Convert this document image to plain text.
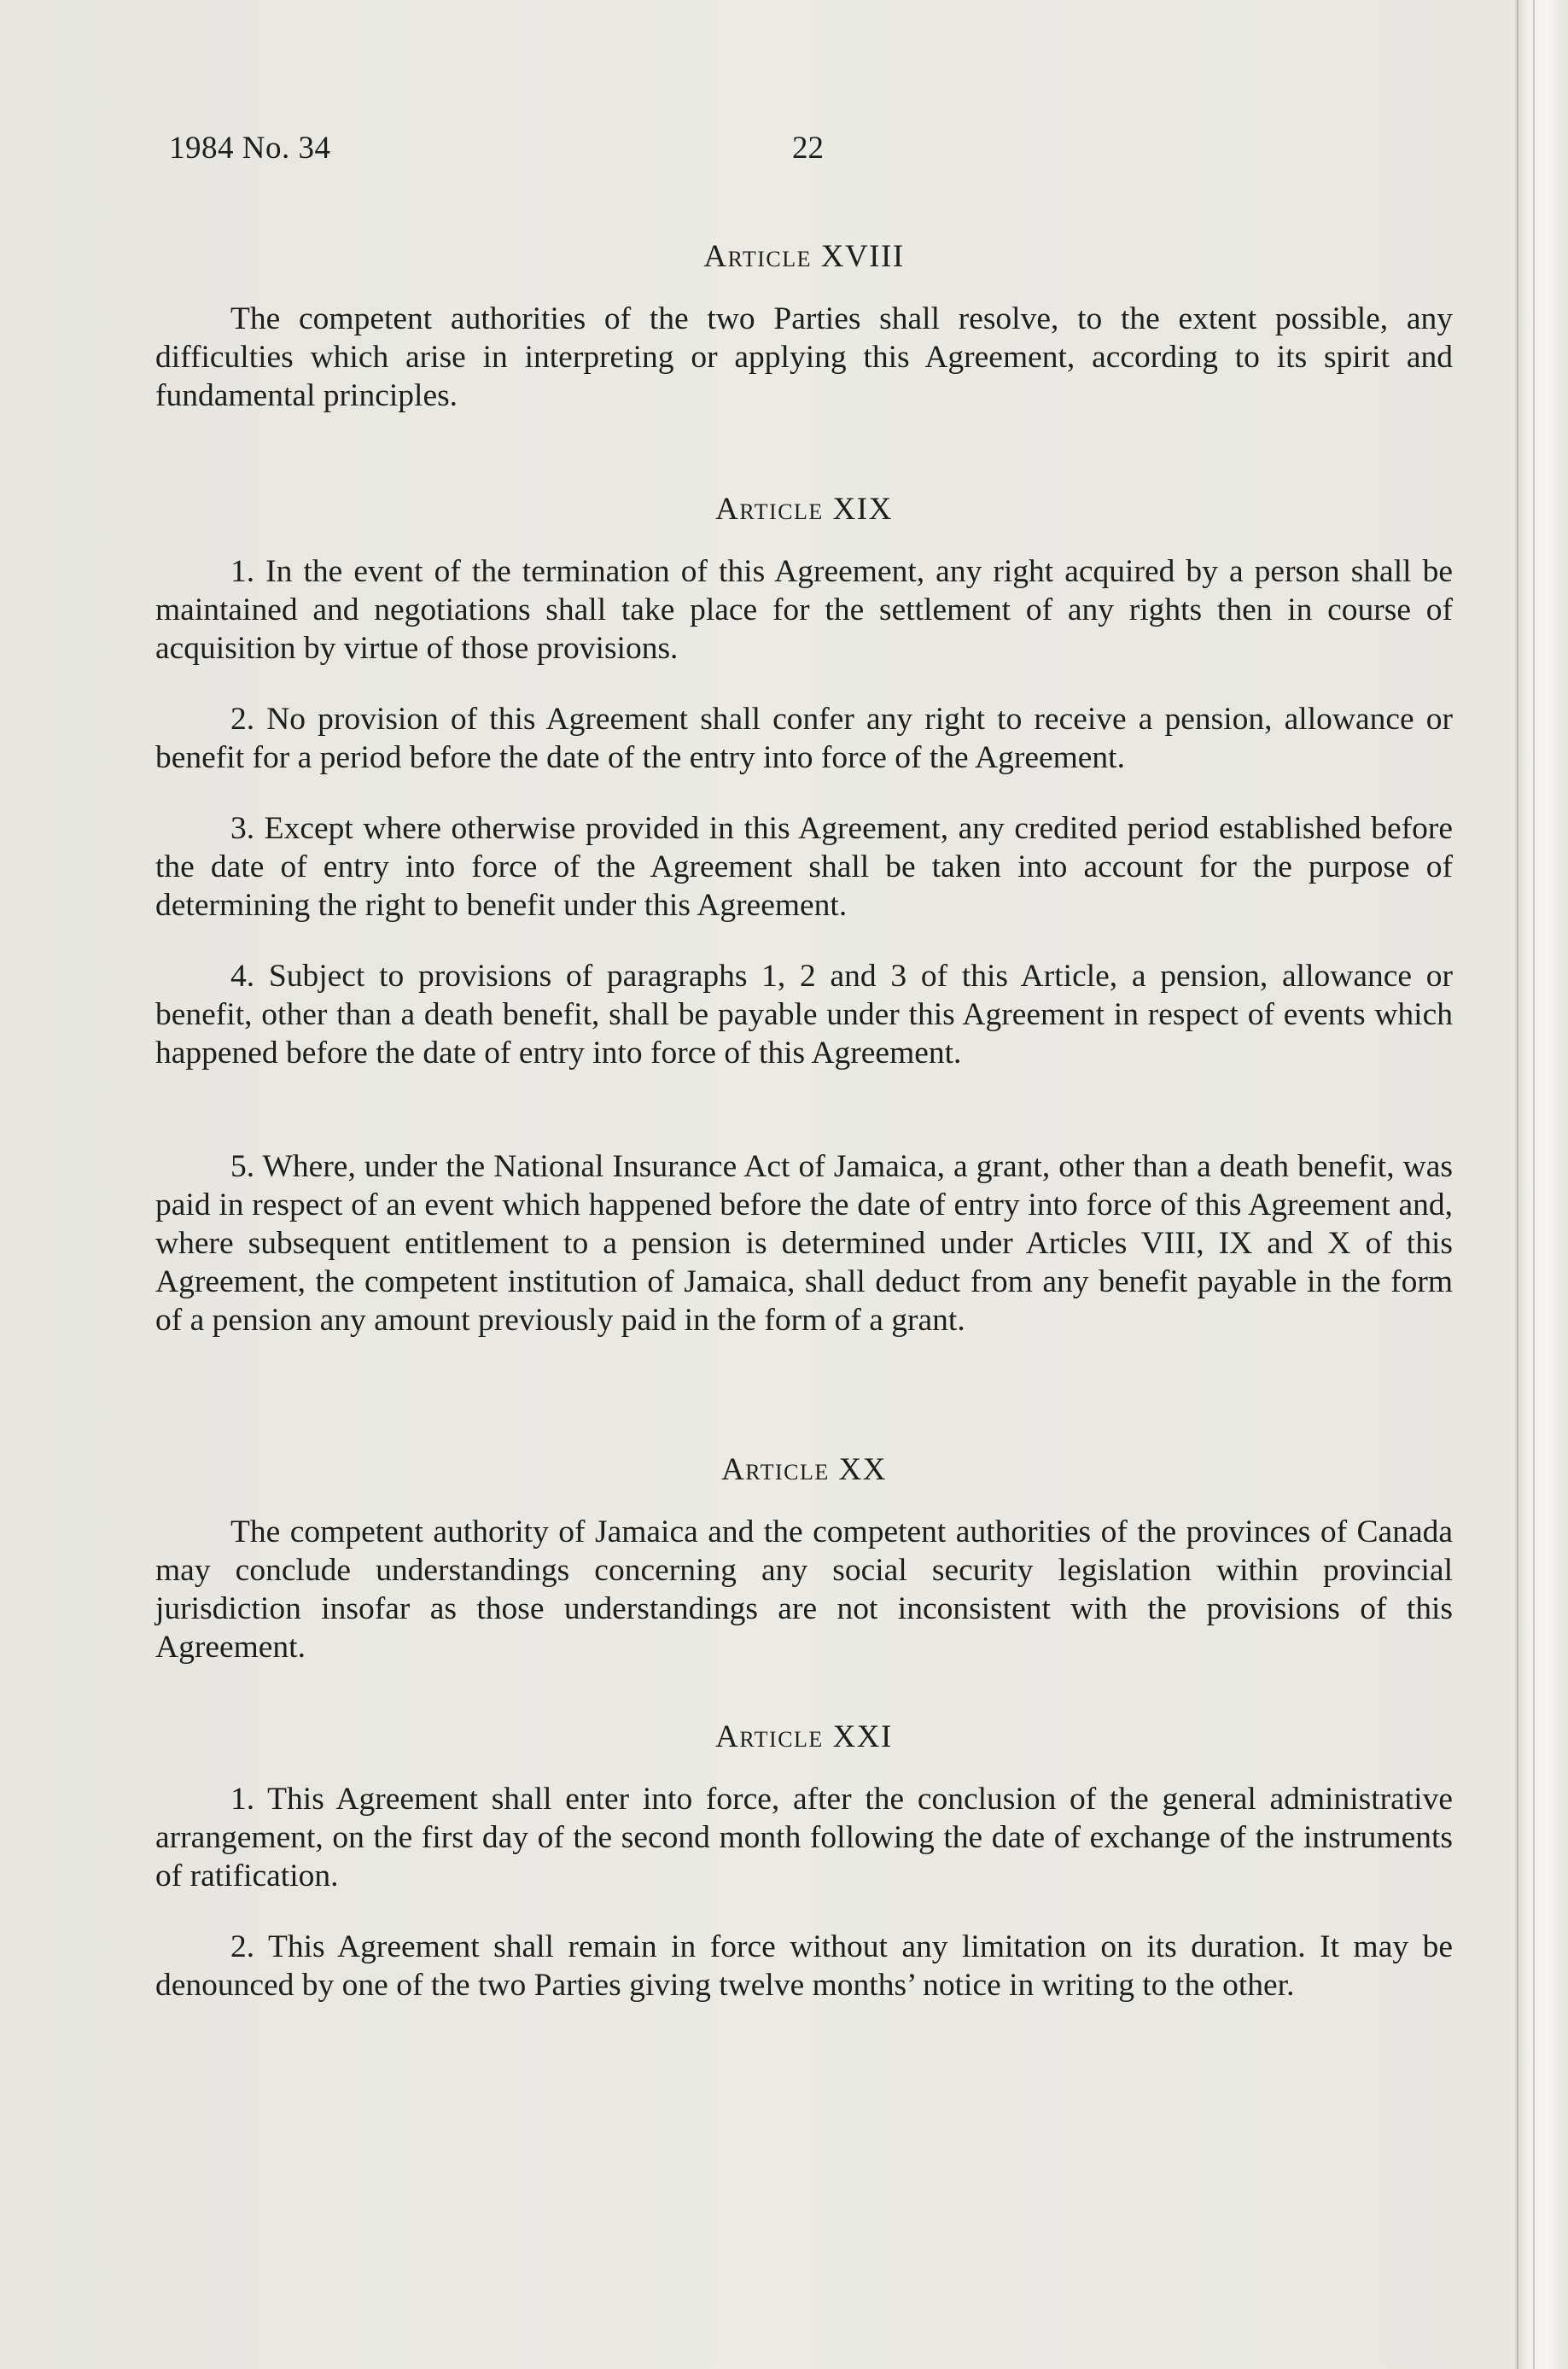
1984 No. 34	22
Article XVIII

The competent authorities of the two Parties shall resolve, to the extent possible, any difficulties which arise in interpreting or applying this Agreement, according to its spirit and fundamental principles.

Article XIX

1. In the event of the termination of this Agreement, any right acquired by a person shall be maintained and negotiations shall take place for the settlement of any rights then in course of acquisition by virtue of those provisions.

2. No provision of this Agreement shall confer any right to receive a pension, allowance or benefit for a period before the date of the entry into force of the Agreement.

3. Except where otherwise provided in this Agreement, any credited period established before the date of entry into force of the Agreement shall be taken into account for the purpose of determining the right to benefit under this Agreement.

4. Subject to provisions of paragraphs 1, 2 and 3 of this Article, a pension, allowance or benefit, other than a death benefit, shall be payable under this Agreement in respect of events which happened before the date of entry into force of this Agreement.

5. Where, under the National Insurance Act of Jamaica, a grant, other than a death benefit, was paid in respect of an event which happened before the date of entry into force of this Agreement and, where subsequent entitlement to a pension is determined under Articles VIII, IX and X of this Agreement, the competent institution of Jamaica, shall deduct from any benefit payable in the form of a pension any amount previously paid in the form of a grant.

Article XX

The competent authority of Jamaica and the competent authorities of the provinces of Canada may conclude understandings concerning any social security legislation within provincial jurisdiction insofar as those understandings are not inconsistent with the provisions of this Agreement.

Article XXI

1. This Agreement shall enter into force, after the conclusion of the general administrative arrangement, on the first day of the second month following the date of exchange of the instruments of ratification.

2. This Agreement shall remain in force without any limitation on its duration. It may be denounced by one of the two Parties giving twelve months’ notice in writing to the other.
